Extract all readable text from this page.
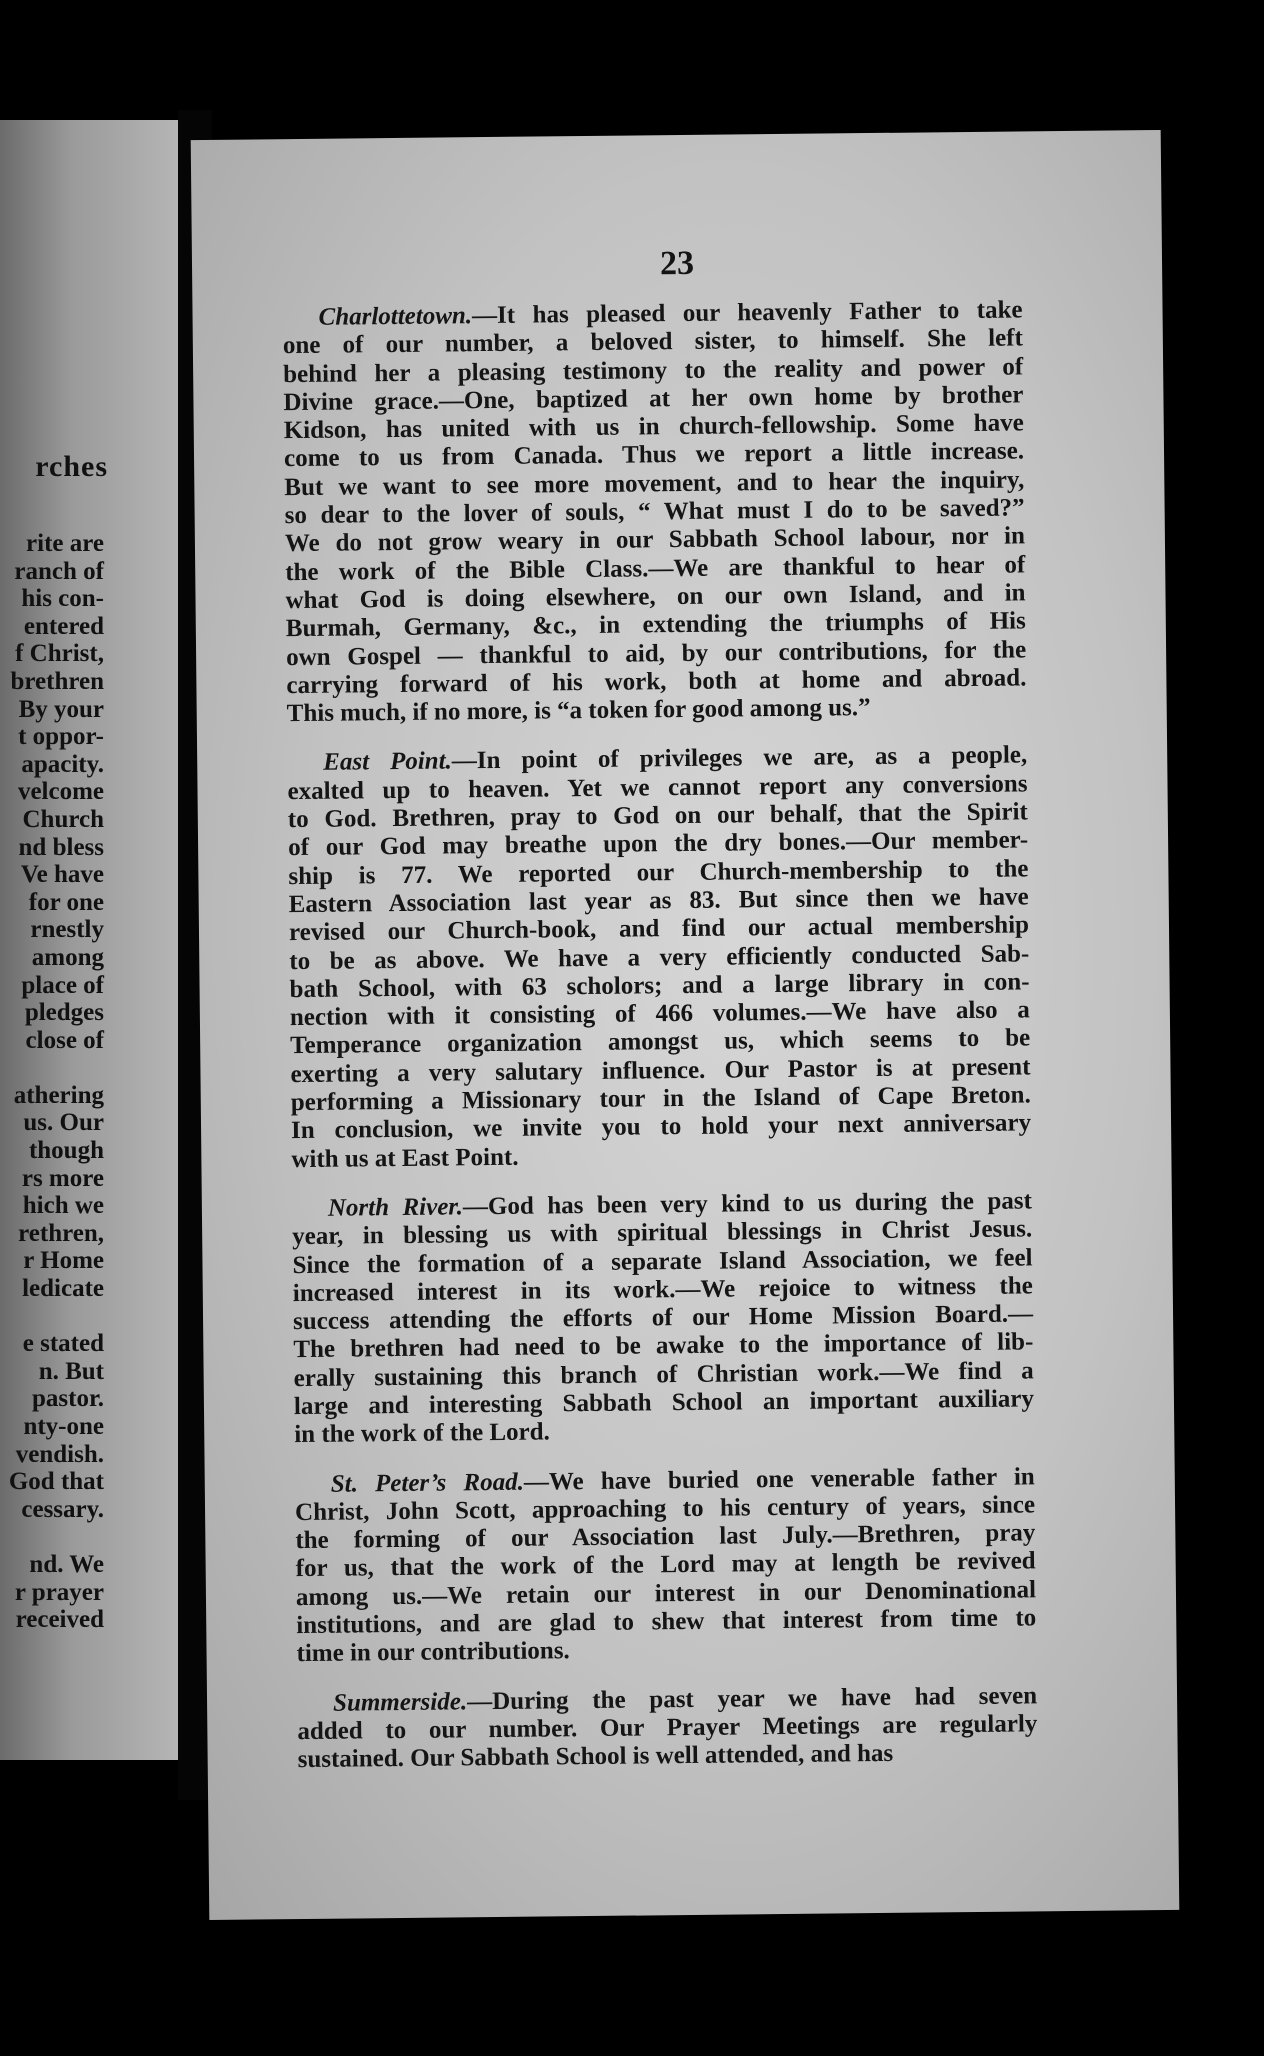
rches
rite are
ranch of
his con-
entered
f Christ,
brethren
By your
t oppor-
apacity.
velcome
Church
nd bless
Ve have
for one
rnestly
among
place of
pledges
close of
athering
us. Our
though
rs more
hich we
rethren,
r Home
ledicate
e stated
n. But
pastor.
nty-one
vendish.
God that
cessary.
nd. We
r prayer
received
23
Charlottetown.—It has pleased our heavenly Father to take
one of our number, a beloved sister, to himself. She left
behind her a pleasing testimony to the reality and power of
Divine grace.—One, baptized at her own home by brother
Kidson, has united with us in church-fellowship. Some have
come to us from Canada. Thus we report a little increase.
But we want to see more movement, and to hear the inquiry,
so dear to the lover of souls, “ What must I do to be saved?”
We do not grow weary in our Sabbath School labour, nor in
the work of the Bible Class.—We are thankful to hear of
what God is doing elsewhere, on our own Island, and in
Burmah, Germany, &c., in extending the triumphs of His
own Gospel — thankful to aid, by our contributions, for the
carrying forward of his work, both at home and abroad.
This much, if no more, is “a token for good among us.”
East Point.—In point of privileges we are, as a people,
exalted up to heaven. Yet we cannot report any conversions
to God. Brethren, pray to God on our behalf, that the Spirit
of our God may breathe upon the dry bones.—Our member-
ship is 77. We reported our Church-membership to the
Eastern Association last year as 83. But since then we have
revised our Church-book, and find our actual membership
to be as above. We have a very efficiently conducted Sab-
bath School, with 63 scholors; and a large library in con-
nection with it consisting of 466 volumes.—We have also a
Temperance organization amongst us, which seems to be
exerting a very salutary influence. Our Pastor is at present
performing a Missionary tour in the Island of Cape Breton.
In conclusion, we invite you to hold your next anniversary
with us at East Point.
North River.—God has been very kind to us during the past
year, in blessing us with spiritual blessings in Christ Jesus.
Since the formation of a separate Island Association, we feel
increased interest in its work.—We rejoice to witness the
success attending the efforts of our Home Mission Board.—
The brethren had need to be awake to the importance of lib-
erally sustaining this branch of Christian work.—We find a
large and interesting Sabbath School an important auxiliary
in the work of the Lord.
St. Peter’s Road.—We have buried one venerable father in
Christ, John Scott, approaching to his century of years, since
the forming of our Association last July.—Brethren, pray
for us, that the work of the Lord may at length be revived
among us.—We retain our interest in our Denominational
institutions, and are glad to shew that interest from time to
time in our contributions.
Summerside.—During the past year we have had seven
added to our number. Our Prayer Meetings are regularly
sustained. Our Sabbath School is well attended, and has
